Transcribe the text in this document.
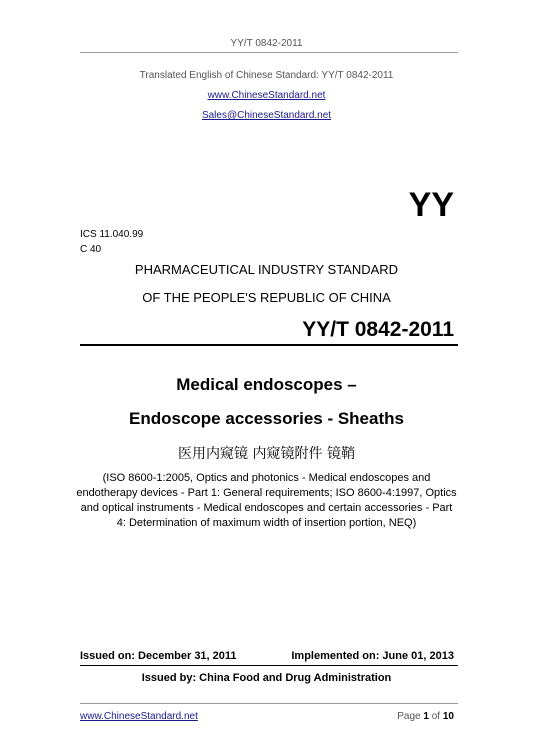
YY/T 0842-2011
Translated English of Chinese Standard: YY/T 0842-2011
www.ChineseStandard.net
Sales@ChineseStandard.net
YY
ICS 11.040.99
C 40
PHARMACEUTICAL INDUSTRY STANDARD
OF THE PEOPLE'S REPUBLIC OF CHINA
YY/T 0842-2011
Medical endoscopes –
Endoscope accessories - Sheaths
医用内窥镜 内窥镜附件 镜鞘
(ISO 8600-1:2005, Optics and photonics - Medical endoscopes and
endotherapy devices - Part 1: General requirements; ISO 8600-4:1997, Optics
and optical instruments - Medical endoscopes and certain accessories - Part
4: Determination of maximum width of insertion portion, NEQ)
Issued on: December 31, 2011	Implemented on: June 01, 2013
Issued by: China Food and Drug Administration
www.ChineseStandard.net	Page 1 of 10
